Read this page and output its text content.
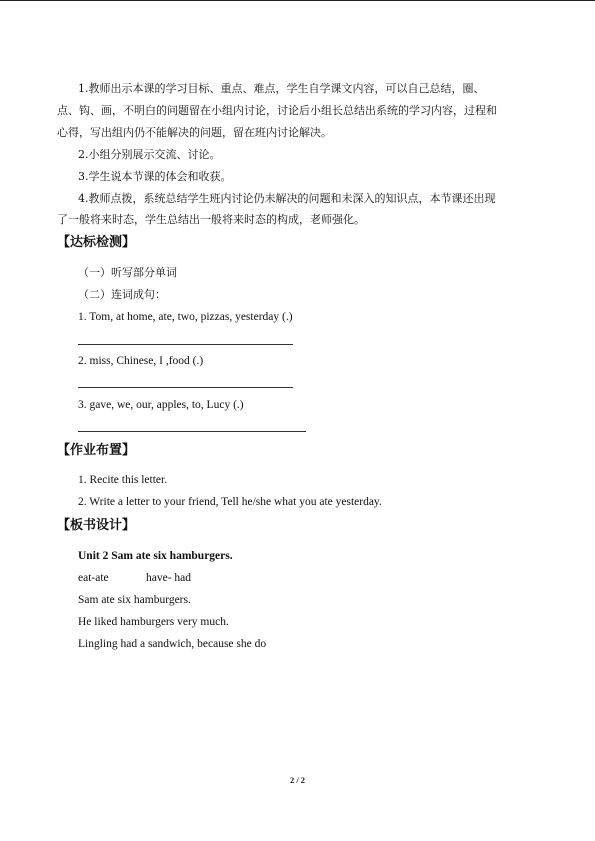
1.教师出示本课的学习目标、重点、难点，学生自学课文内容，可以自己总结，圈、
点、钩、画，不明白的问题留在小组内讨论，讨论后小组长总结出系统的学习内容，过程和
心得，写出组内仍不能解决的问题，留在班内讨论解决。
2.小组分别展示交流、讨论。
3.学生说本节课的体会和收获。
4.教师点拨，系统总结学生班内讨论仍未解决的问题和未深入的知识点，本节课还出现
了一般将来时态，学生总结出一般将来时态的构成，老师强化。
【达标检测】
（一）听写部分单词
（二）连词成句：
1. Tom, at home, ate, two, pizzas, yesterday (.)
2. miss, Chinese, I ,food (.)
3. gave, we, our, apples, to, Lucy (.)
【作业布置】
1. Recite this letter.
2. Write a letter to your friend, Tell he/she what you ate yesterday.
【板书设计】
Unit 2 Sam ate six hamburgers.
eat-ate	have- had
Sam ate six hamburgers.
He liked hamburgers very much.
Lingling had a sandwich, because she do
2 / 2
